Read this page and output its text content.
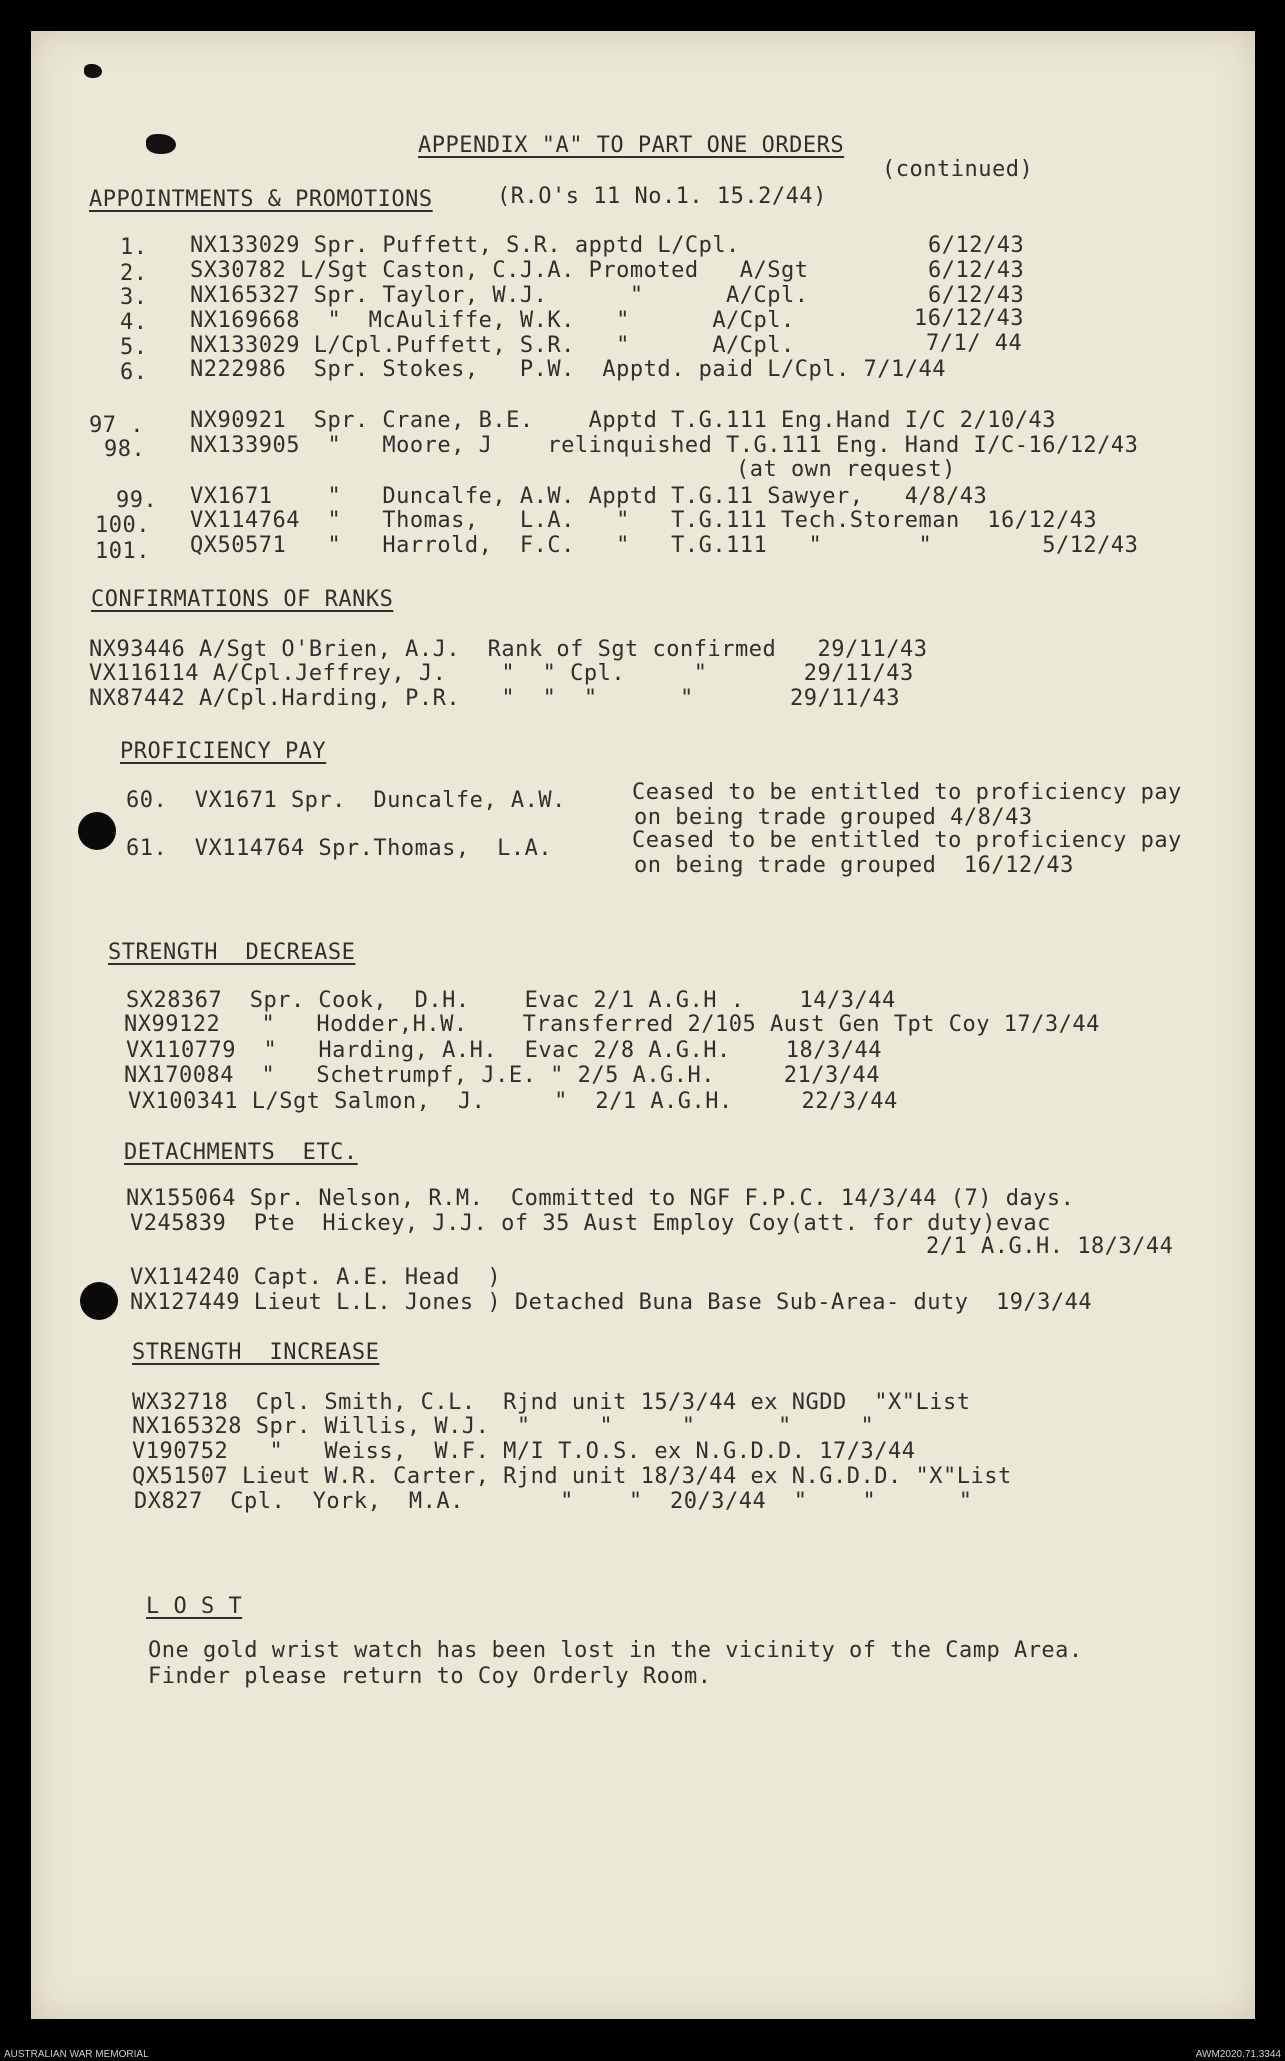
APPENDIX "A" TO PART ONE ORDERS
(continued)
APPOINTMENTS & PROMOTIONS	(R.O's 11 No.1. 15.2/44)
1. NX133029 Spr. Puffett, S.R. apptd L/Cpl.	6/12/43
2. SX30782 L/Sgt Caston, C.J.A. Promoted   A/Sgt	6/12/43
3. NX165327 Spr. Taylor, W.J.      "      A/Cpl.	6/12/43
4. NX169668  "  McAuliffe, W.K.   "      A/Cpl.	16/12/43
5. NX133029 L/Cpl.Puffett, S.R.   "      A/Cpl.	7/1/ 44
6. N222986  Spr. Stokes,   P.W.  Apptd. paid L/Cpl. 7/1/44
97 . NX90921  Spr. Crane, B.E.    Apptd T.G.111 Eng.Hand I/C 2/10/43
98. NX133905  "   Moore, J    relinquished T.G.111 Eng. Hand I/C-16/12/43
(at own request)
99. VX1671    "   Duncalfe, A.W. Apptd T.G.11 Sawyer,   4/8/43
100. VX114764  "   Thomas,   L.A.   "   T.G.111 Tech.Storeman  16/12/43
101. QX50571   "   Harrold,  F.C.   "   T.G.111   "       "        5/12/43
CONFIRMATIONS OF RANKS
NX93446 A/Sgt O'Brien, A.J.  Rank of Sgt confirmed   29/11/43
VX116114 A/Cpl.Jeffrey, J.    "  " Cpl.     "       29/11/43
NX87442 A/Cpl.Harding, P.R.   "  "  "      "       29/11/43
PROFICIENCY PAY
60.  VX1671 Spr.  Duncalfe, A.W.	Ceased to be entitled to proficiency pay
on being trade grouped 4/8/43
61.  VX114764 Spr.Thomas,  L.A.	Ceased to be entitled to proficiency pay
on being trade grouped  16/12/43
STRENGTH  DECREASE
SX28367  Spr. Cook,  D.H.    Evac 2/1 A.G.H .    14/3/44
NX99122   "   Hodder,H.W.    Transferred 2/105 Aust Gen Tpt Coy 17/3/44
VX110779  "   Harding, A.H.  Evac 2/8 A.G.H.    18/3/44
NX170084  "   Schetrumpf, J.E. " 2/5 A.G.H.     21/3/44
VX100341 L/Sgt Salmon,  J.     "  2/1 A.G.H.     22/3/44
DETACHMENTS  ETC.
NX155064 Spr. Nelson, R.M.  Committed to NGF F.P.C. 14/3/44 (7) days.
V245839  Pte  Hickey, J.J. of 35 Aust Employ Coy(att. for duty)evac
2/1 A.G.H. 18/3/44
VX114240 Capt. A.E. Head  )
NX127449 Lieut L.L. Jones ) Detached Buna Base Sub-Area- duty  19/3/44
STRENGTH  INCREASE
WX32718  Cpl. Smith, C.L.  Rjnd unit 15/3/44 ex NGDD  "X"List
NX165328 Spr. Willis, W.J.  "     "     "      "     "
V190752   "   Weiss,  W.F. M/I T.O.S. ex N.G.D.D. 17/3/44
QX51507 Lieut W.R. Carter, Rjnd unit 18/3/44 ex N.G.D.D. "X"List
DX827  Cpl.  York,  M.A.       "    "  20/3/44  "    "      "
L O S T
One gold wrist watch has been lost in the vicinity of the Camp Area.
Finder please return to Coy Orderly Room.
AUSTRALIAN WAR MEMORIAL	AWM2020.71.3344
